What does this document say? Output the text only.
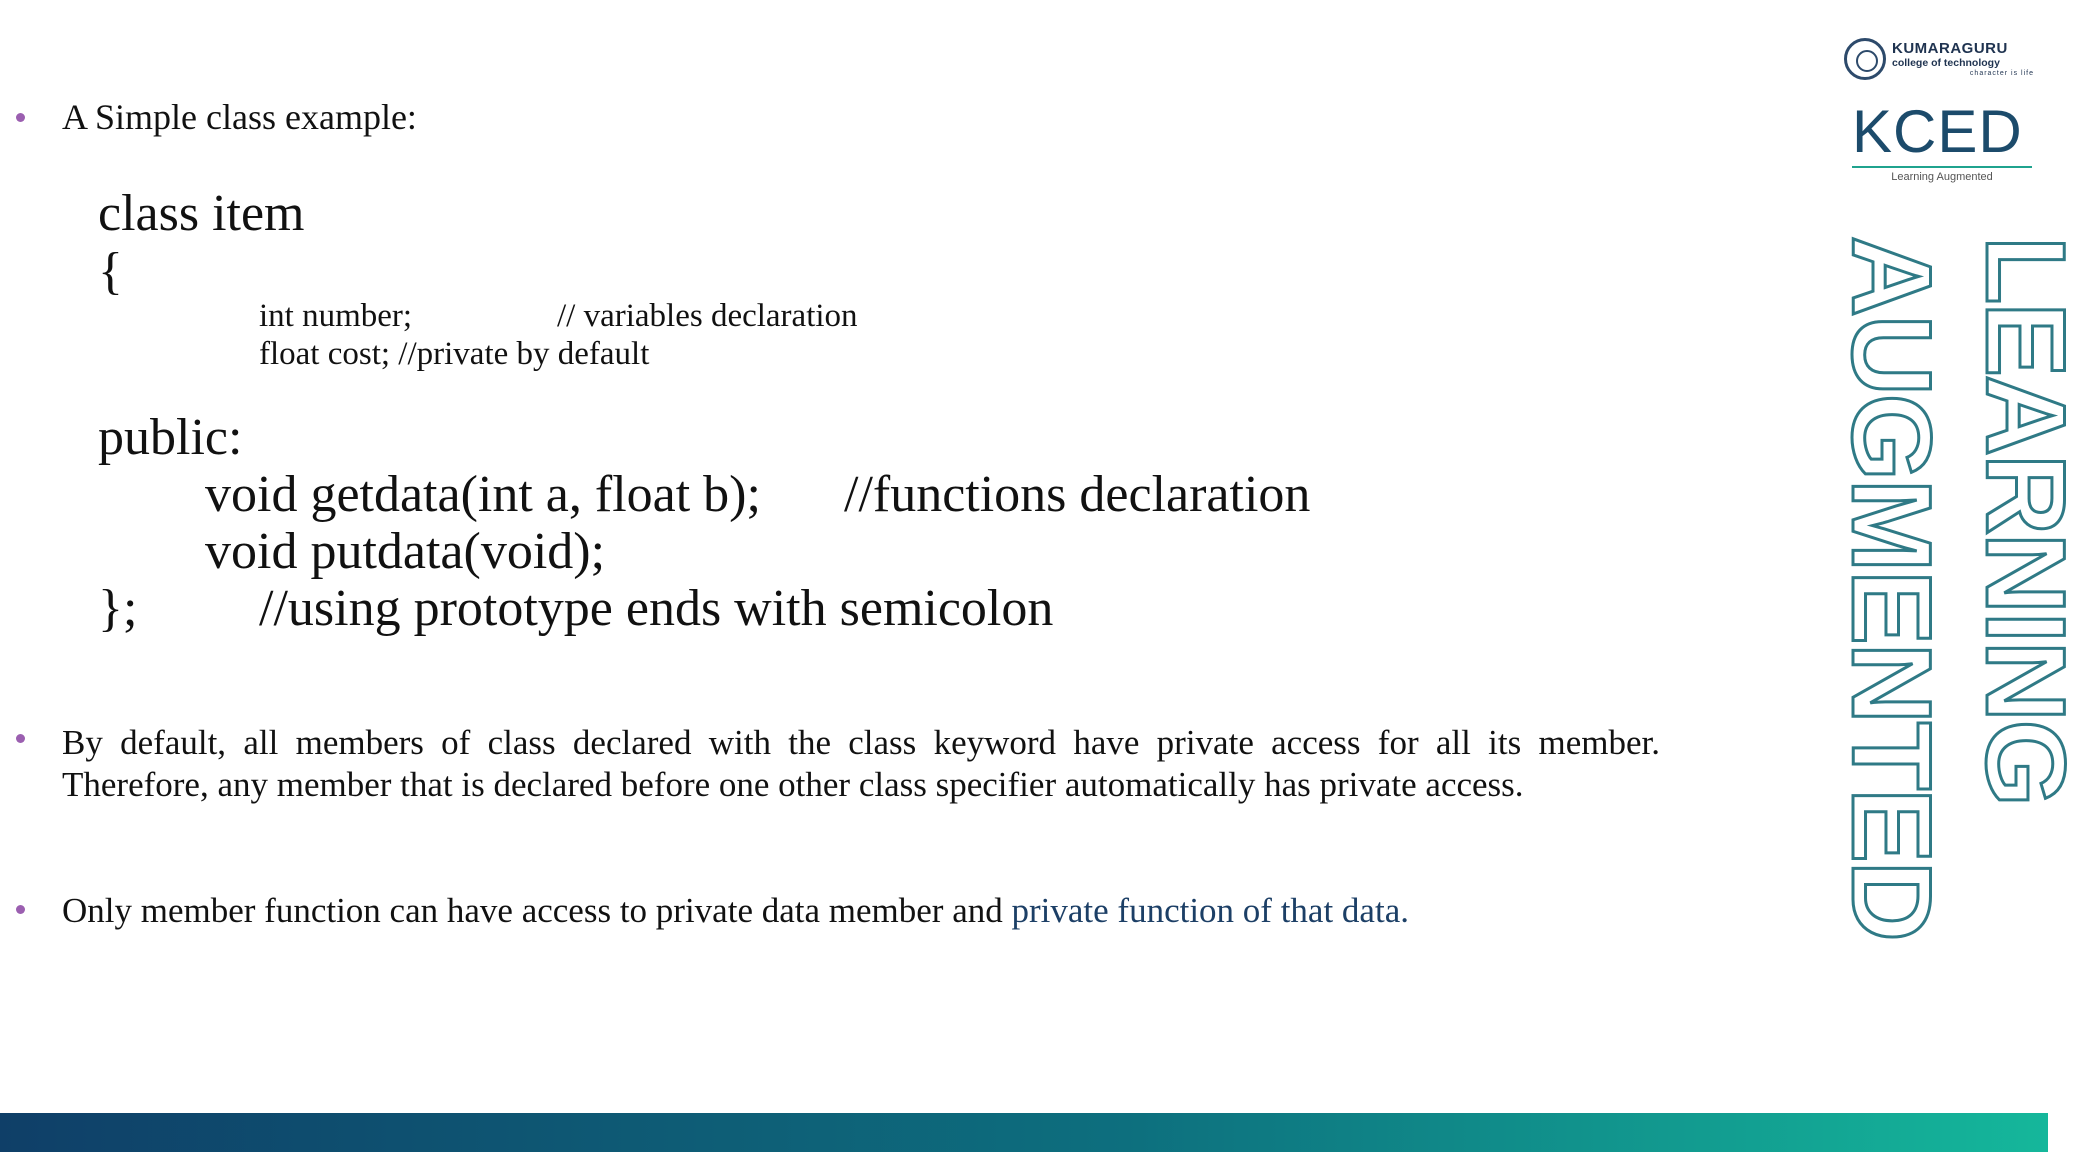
A Simple class example:
class item
{
int number;	// variables declaration
float cost; //private by default
public:
void getdata(int a, float b); //functions declaration
void putdata(void);
}; //using prototype ends with semicolon
By default, all members of class declared with the class keyword have private access for all its member. Therefore, any member that is declared before one other class specifier automatically has private access.
Only member function can have access to private data member and private function of that data.
KUMARAGURU
college of technology
character is life
KCED
Learning Augmented
LEARNING
AUGMENTED
